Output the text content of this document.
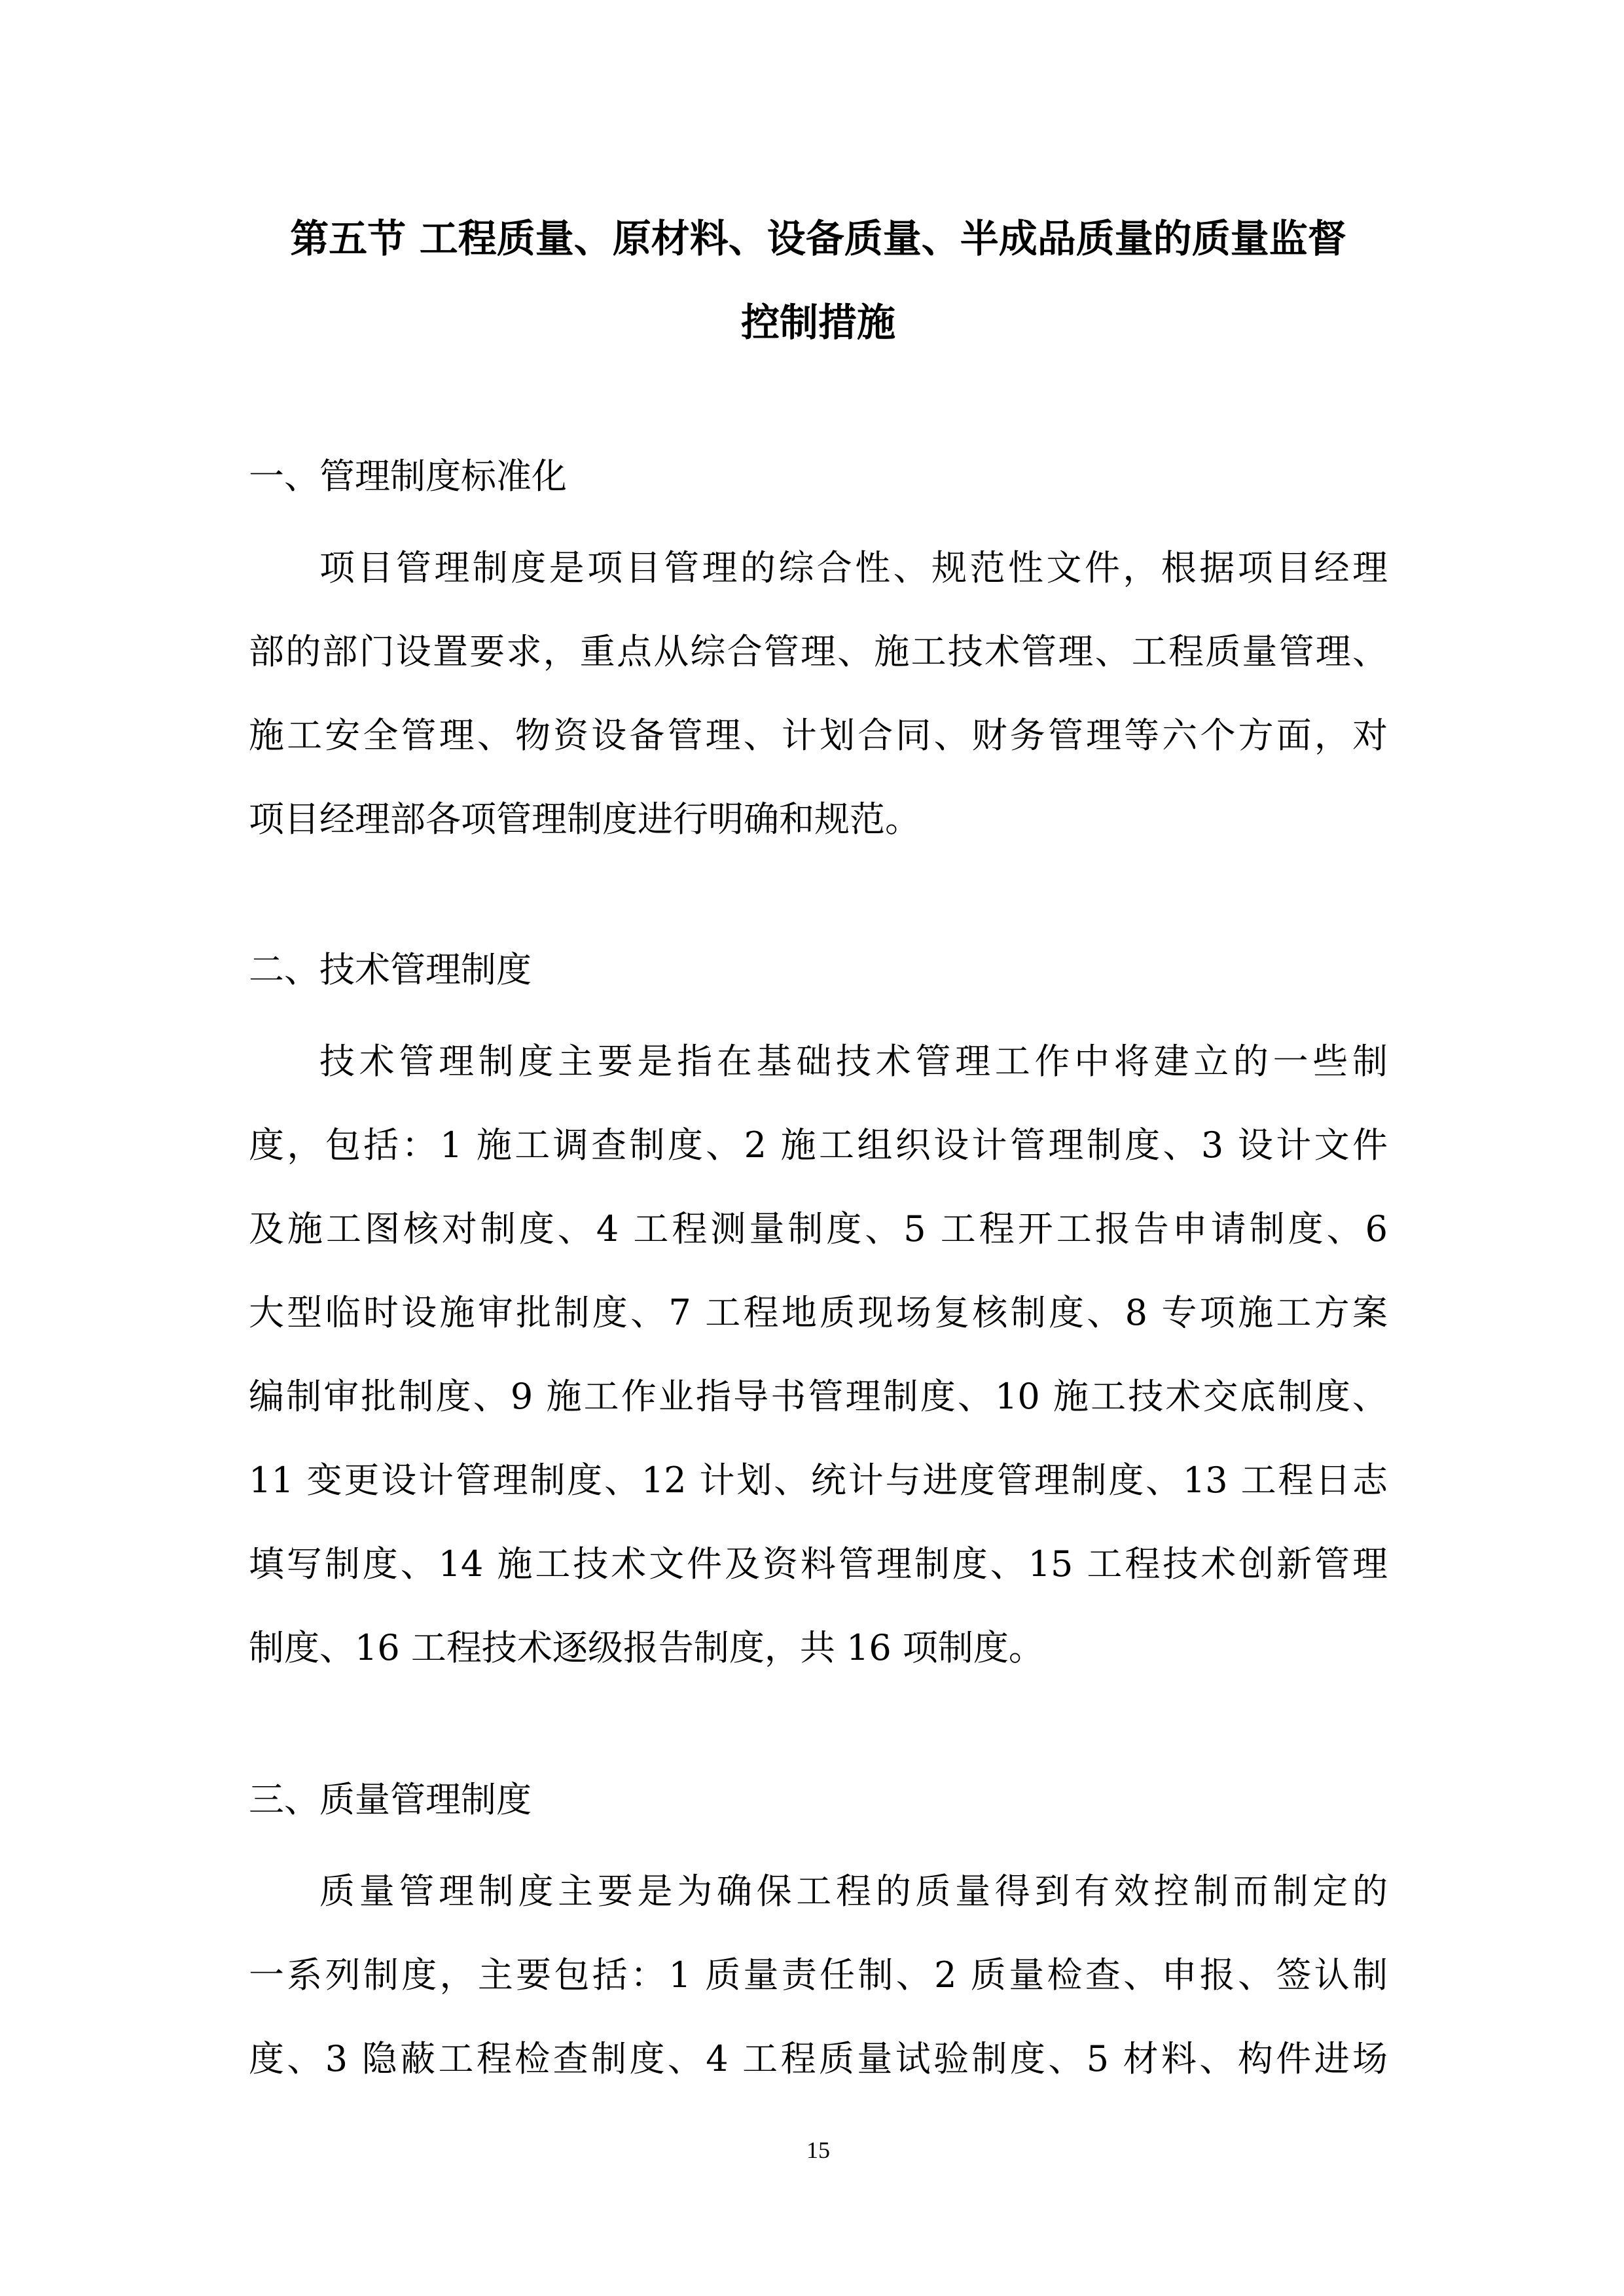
第五节 工程质量、原材料、设备质量、半成品质量的质量监督
控制措施
一、管理制度标准化
项目管理制度是项目管理的综合性、规范性文件，根据项目经理
部的部门设置要求，重点从综合管理、施工技术管理、工程质量管理、
施工安全管理、物资设备管理、计划合同、财务管理等六个方面，对
项目经理部各项管理制度进行明确和规范。
二、技术管理制度
技术管理制度主要是指在基础技术管理工作中将建立的一些制
度，包括：1 施工调查制度、2 施工组织设计管理制度、3 设计文件
及施工图核对制度、4 工程测量制度、5 工程开工报告申请制度、6
大型临时设施审批制度、7 工程地质现场复核制度、8 专项施工方案
编制审批制度、9 施工作业指导书管理制度、10 施工技术交底制度、
11 变更设计管理制度、12 计划、统计与进度管理制度、13 工程日志
填写制度、14 施工技术文件及资料管理制度、15 工程技术创新管理
制度、16 工程技术逐级报告制度，共 16 项制度。
三、质量管理制度
质量管理制度主要是为确保工程的质量得到有效控制而制定的
一系列制度，主要包括：1 质量责任制、2 质量检查、申报、签认制
度、3 隐蔽工程检查制度、4 工程质量试验制度、5 材料、构件进场
15
